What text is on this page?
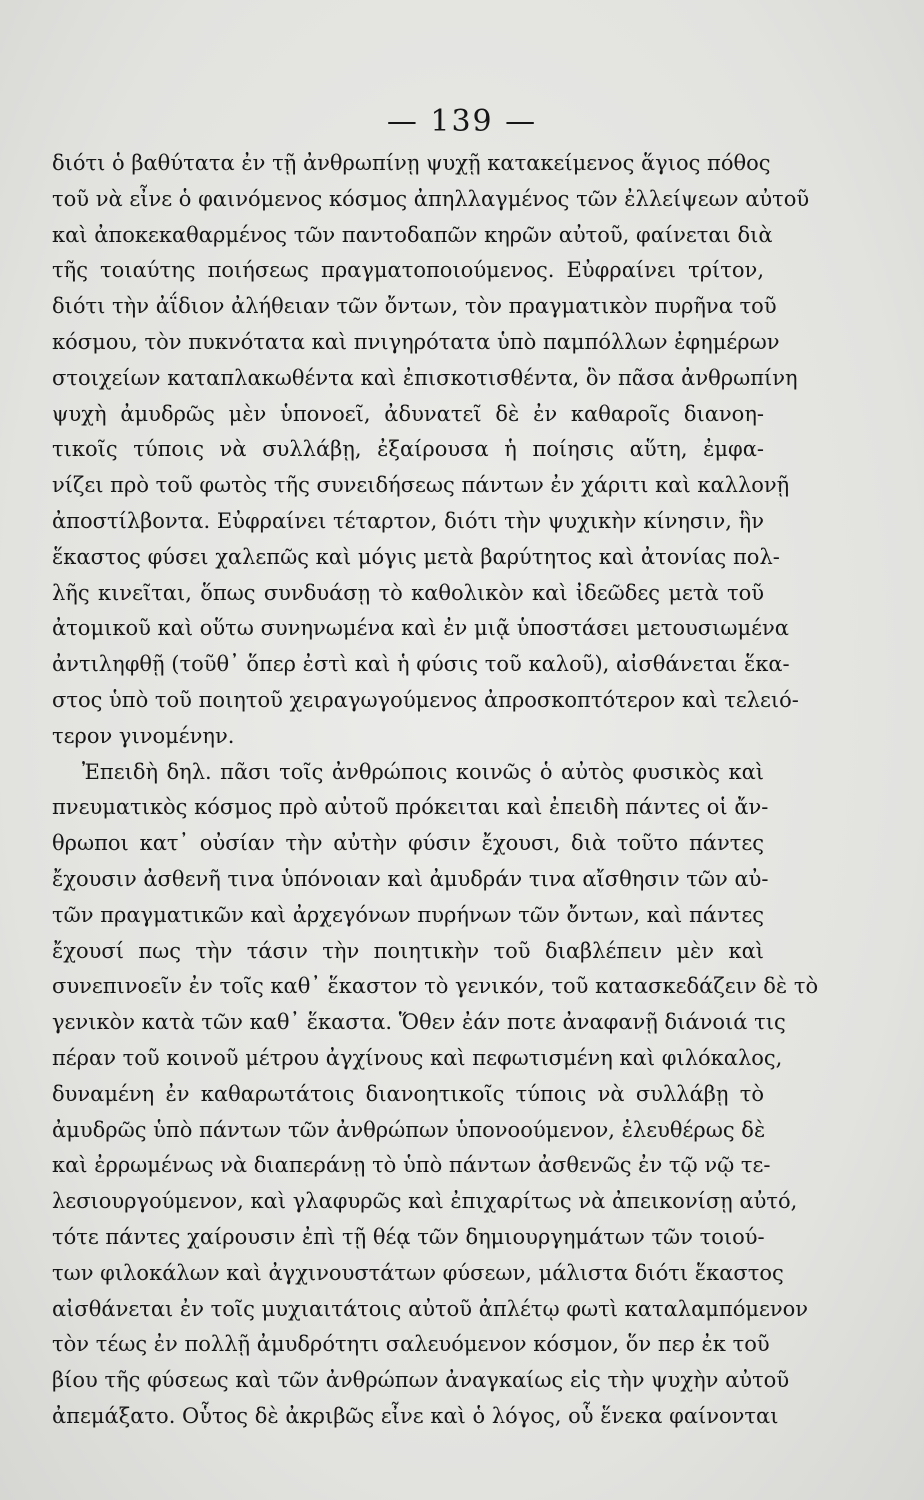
— 139 —
διότι ὁ βαθύτατα ἐν τῇ ἀνθρωπίνῃ ψυχῇ κατακείμενος ἅγιος πόθος
τοῦ νὰ εἶνε ὁ φαινόμενος κόσμος ἀπηλλαγμένος τῶν ἐλλείψεων αὐτοῦ
καὶ ἀποκεκαθαρμένος τῶν παντοδαπῶν κηρῶν αὐτοῦ, φαίνεται διὰ
τῆς τοιαύτης ποιήσεως πραγματοποιούμενος. Εὐφραίνει τρίτον,
διότι τὴν ἀΐδιον ἀλήθειαν τῶν ὄντων, τὸν πραγματικὸν πυρῆνα τοῦ
κόσμου, τὸν πυκνότατα καὶ πνιγηρότατα ὑπὸ παμπόλλων ἐφημέρων
στοιχείων καταπλακωθέντα καὶ ἐπισκοτισθέντα, ὃν πᾶσα ἀνθρωπίνη
ψυχὴ ἀμυδρῶς μὲν ὑπονοεῖ, ἀδυνατεῖ δὲ ἐν καθαροῖς διανοη-
τικοῖς τύποις νὰ συλλάβῃ, ἐξαίρουσα ἡ ποίησις αὕτη, ἐμφα-
νίζει πρὸ τοῦ φωτὸς τῆς συνειδήσεως πάντων ἐν χάριτι καὶ καλλονῇ
ἀποστίλβοντα. Εὐφραίνει τέταρτον, διότι τὴν ψυχικὴν κίνησιν, ἣν
ἕκαστος φύσει χαλεπῶς καὶ μόγις μετὰ βαρύτητος καὶ ἀτονίας πολ-
λῆς κινεῖται, ὅπως συνδυάσῃ τὸ καθολικὸν καὶ ἰδεῶδες μετὰ τοῦ
ἀτομικοῦ καὶ οὕτω συνηνωμένα καὶ ἐν μιᾷ ὑποστάσει μετουσιωμένα
ἀντιληφθῇ (τοῦθ᾽ ὅπερ ἐστὶ καὶ ἡ φύσις τοῦ καλοῦ), αἰσθάνεται ἕκα-
στος ὑπὸ τοῦ ποιητοῦ χειραγωγούμενος ἀπροσκοπτότερον καὶ τελειό-
τερον γινομένην.
Ἐπειδὴ δηλ. πᾶσι τοῖς ἀνθρώποις κοινῶς ὁ αὐτὸς φυσικὸς καὶ
πνευματικὸς κόσμος πρὸ αὐτοῦ πρόκειται καὶ ἐπειδὴ πάντες οἱ ἄν-
θρωποι κατ᾽ οὐσίαν τὴν αὐτὴν φύσιν ἔχουσι, διὰ τοῦτο πάντες
ἔχουσιν ἀσθενῆ τινα ὑπόνοιαν καὶ ἀμυδράν τινα αἴσθησιν τῶν αὐ-
τῶν πραγματικῶν καὶ ἀρχεγόνων πυρήνων τῶν ὄντων, καὶ πάντες
ἔχουσί πως τὴν τάσιν τὴν ποιητικὴν τοῦ διαβλέπειν μὲν καὶ
συνεπινοεῖν ἐν τοῖς καθ᾽ ἕκαστον τὸ γενικόν, τοῦ κατασκεδάζειν δὲ τὸ
γενικὸν κατὰ τῶν καθ᾽ ἕκαστα. Ὅθεν ἐάν ποτε ἀναφανῇ διάνοιά τις
πέραν τοῦ κοινοῦ μέτρου ἀγχίνους καὶ πεφωτισμένη καὶ φιλόκαλος,
δυναμένη ἐν καθαρωτάτοις διανοητικοῖς τύποις νὰ συλλάβῃ τὸ
ἀμυδρῶς ὑπὸ πάντων τῶν ἀνθρώπων ὑπονοούμενον, ἐλευθέρως δὲ
καὶ ἐρρωμένως νὰ διαπεράνῃ τὸ ὑπὸ πάντων ἀσθενῶς ἐν τῷ νῷ τε-
λεσιουργούμενον, καὶ γλαφυρῶς καὶ ἐπιχαρίτως νὰ ἀπεικονίσῃ αὐτό,
τότε πάντες χαίρουσιν ἐπὶ τῇ θέᾳ τῶν δημιουργημάτων τῶν τοιού-
των φιλοκάλων καὶ ἀγχινουστάτων φύσεων, μάλιστα διότι ἕκαστος
αἰσθάνεται ἐν τοῖς μυχιαιτάτοις αὐτοῦ ἀπλέτῳ φωτὶ καταλαμπόμενον
τὸν τέως ἐν πολλῇ ἀμυδρότητι σαλευόμενον κόσμον, ὅν περ ἐκ τοῦ
βίου τῆς φύσεως καὶ τῶν ἀνθρώπων ἀναγκαίως εἰς τὴν ψυχὴν αὐτοῦ
ἀπεμάξατο. Οὗτος δὲ ἀκριβῶς εἶνε καὶ ὁ λόγος, οὗ ἕνεκα φαίνονται
